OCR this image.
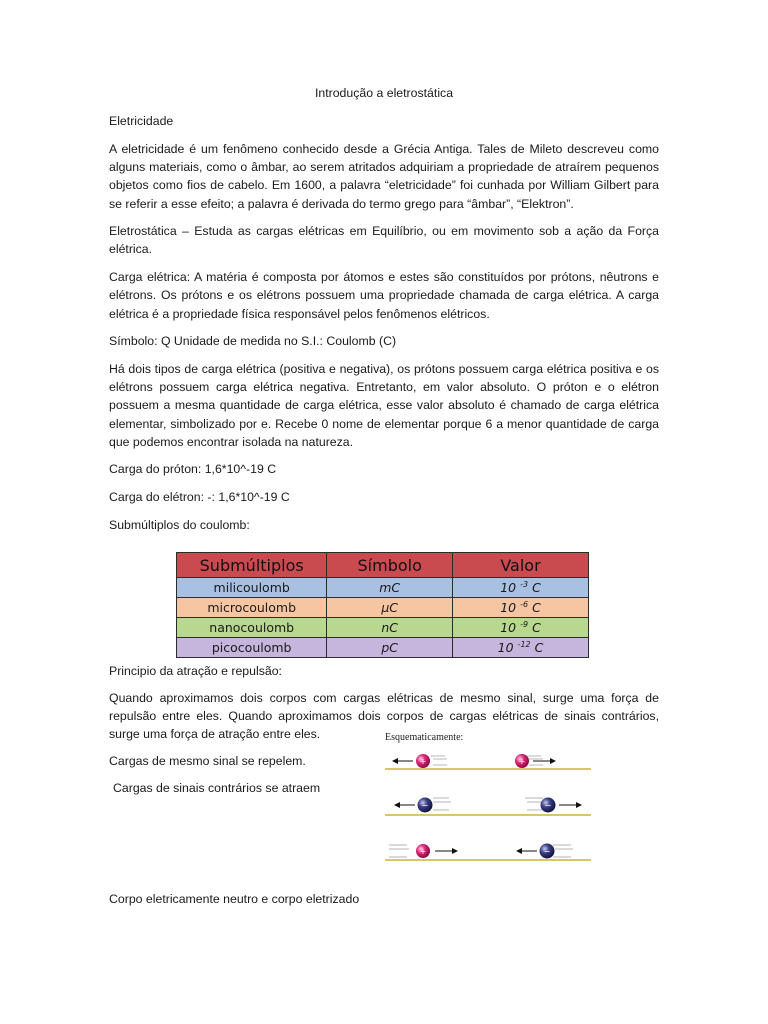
Introdução a eletrostática

Eletricidade

A eletricidade é um fenômeno conhecido desde a Grécia Antiga. Tales de Mileto descreveu como alguns materiais, como o âmbar, ao serem atritados adquiriam a propriedade de atraírem pequenos objetos como fios de cabelo. Em 1600, a palavra “eletricidade” foi cunhada por William Gilbert para se referir a esse efeito; a palavra é derivada do termo grego para “âmbar”, “Elektron”.

Eletrostática – Estuda as cargas elétricas em Equilíbrio, ou em movimento sob a ação da Força elétrica.

Carga elétrica: A matéria é composta por átomos e estes são constituídos por prótons, nêutrons e elétrons. Os prótons e os elétrons possuem uma propriedade chamada de carga elétrica. A carga elétrica é a propriedade física responsável pelos fenômenos elétricos.

Símbolo: Q Unidade de medida no S.I.: Coulomb (C)

Há dois tipos de carga elétrica (positiva e negativa), os prótons possuem carga elétrica positiva e os elétrons possuem carga elétrica negativa. Entretanto, em valor absoluto. O próton e o elétron possuem a mesma quantidade de carga elétrica, esse valor absoluto é chamado de carga elétrica elementar, simbolizado por e. Recebe 0 nome de elementar porque 6 a menor quantidade de carga que podemos encontrar isolada na natureza.

Carga do próton: 1,6*10^-19 C

Carga do elétron: -: 1,6*10^-19 C

Submúltiplos do coulomb:

Submúltiplos	Símbolo	Valor
milicoulomb	mC	10 $^{-3}$ C
microcoulomb	μC	10 $^{-6}$ C
nanocoulomb	nC	10 $^{-9}$ C
picocoulomb	pC	10 $^{-12}$ C
Principio da atração e repulsão:
Quando aproximamos dois corpos com cargas elétricas de mesmo sinal, surge uma força de repulsão entre eles. Quando aproximamos dois corpos de cargas elétricas de sinais contrários, surge uma força de atração entre eles.
Cargas de mesmo sinal se repelem.
Cargas de sinais contrários se atraem
Corpo eletricamente neutro e corpo eletrizado
Esquematicamente:
+	+
−	−
+	−
